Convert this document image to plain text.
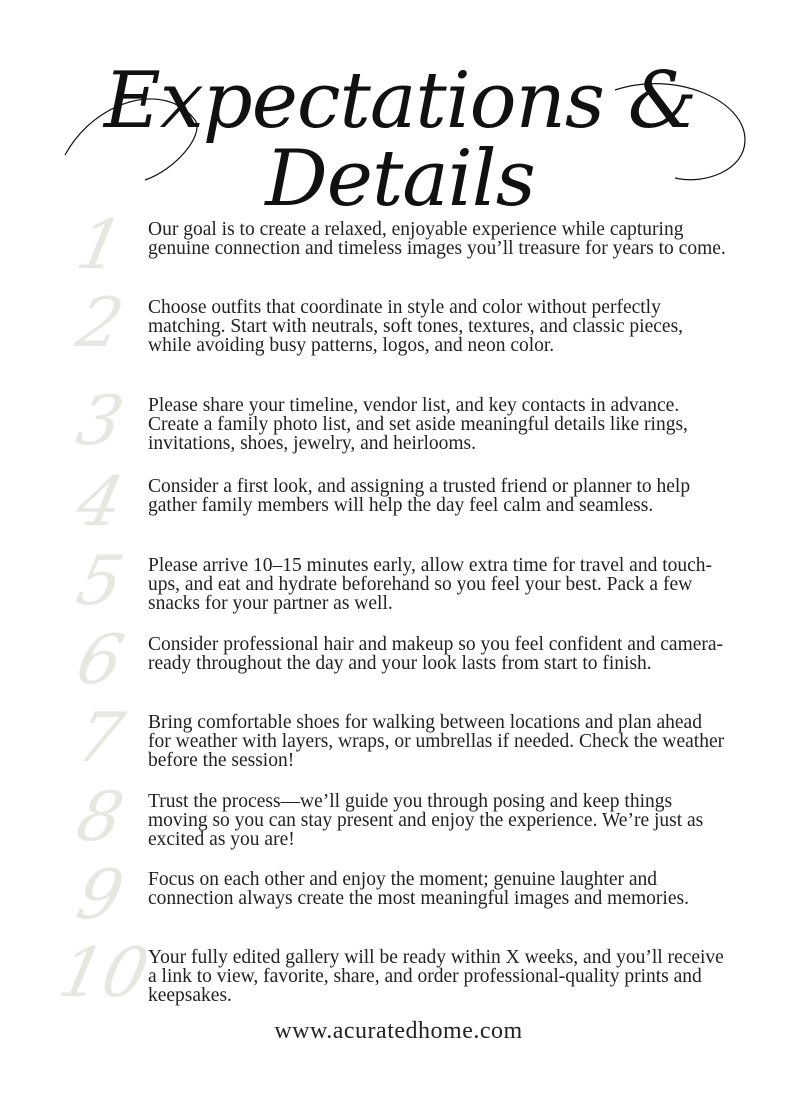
Expectations & Details
1 Our goal is to create a relaxed, enjoyable experience while capturing genuine connection and timeless images you’ll treasure for years to come.
2 Choose outfits that coordinate in style and color without perfectly matching. Start with neutrals, soft tones, textures, and classic pieces, while avoiding busy patterns, logos, and neon color.
3 Please share your timeline, vendor list, and key contacts in advance. Create a family photo list, and set aside meaningful details like rings, invitations, shoes, jewelry, and heirlooms.
4 Consider a first look, and assigning a trusted friend or planner to help gather family members will help the day feel calm and seamless.
5 Please arrive 10–15 minutes early, allow extra time for travel and touch-ups, and eat and hydrate beforehand so you feel your best. Pack a few snacks for your partner as well.
6 Consider professional hair and makeup so you feel confident and camera-ready throughout the day and your look lasts from start to finish.
7 Bring comfortable shoes for walking between locations and plan ahead for weather with layers, wraps, or umbrellas if needed. Check the weather before the session!
8 Trust the process—we’ll guide you through posing and keep things moving so you can stay present and enjoy the experience. We’re just as excited as you are!
9 Focus on each other and enjoy the moment; genuine laughter and connection always create the most meaningful images and memories.
10
Your fully edited gallery will be ready within X weeks, and you’ll receive a link to view, favorite, share, and order professional-quality prints and keepsakes.
www.acuratedhome.com
